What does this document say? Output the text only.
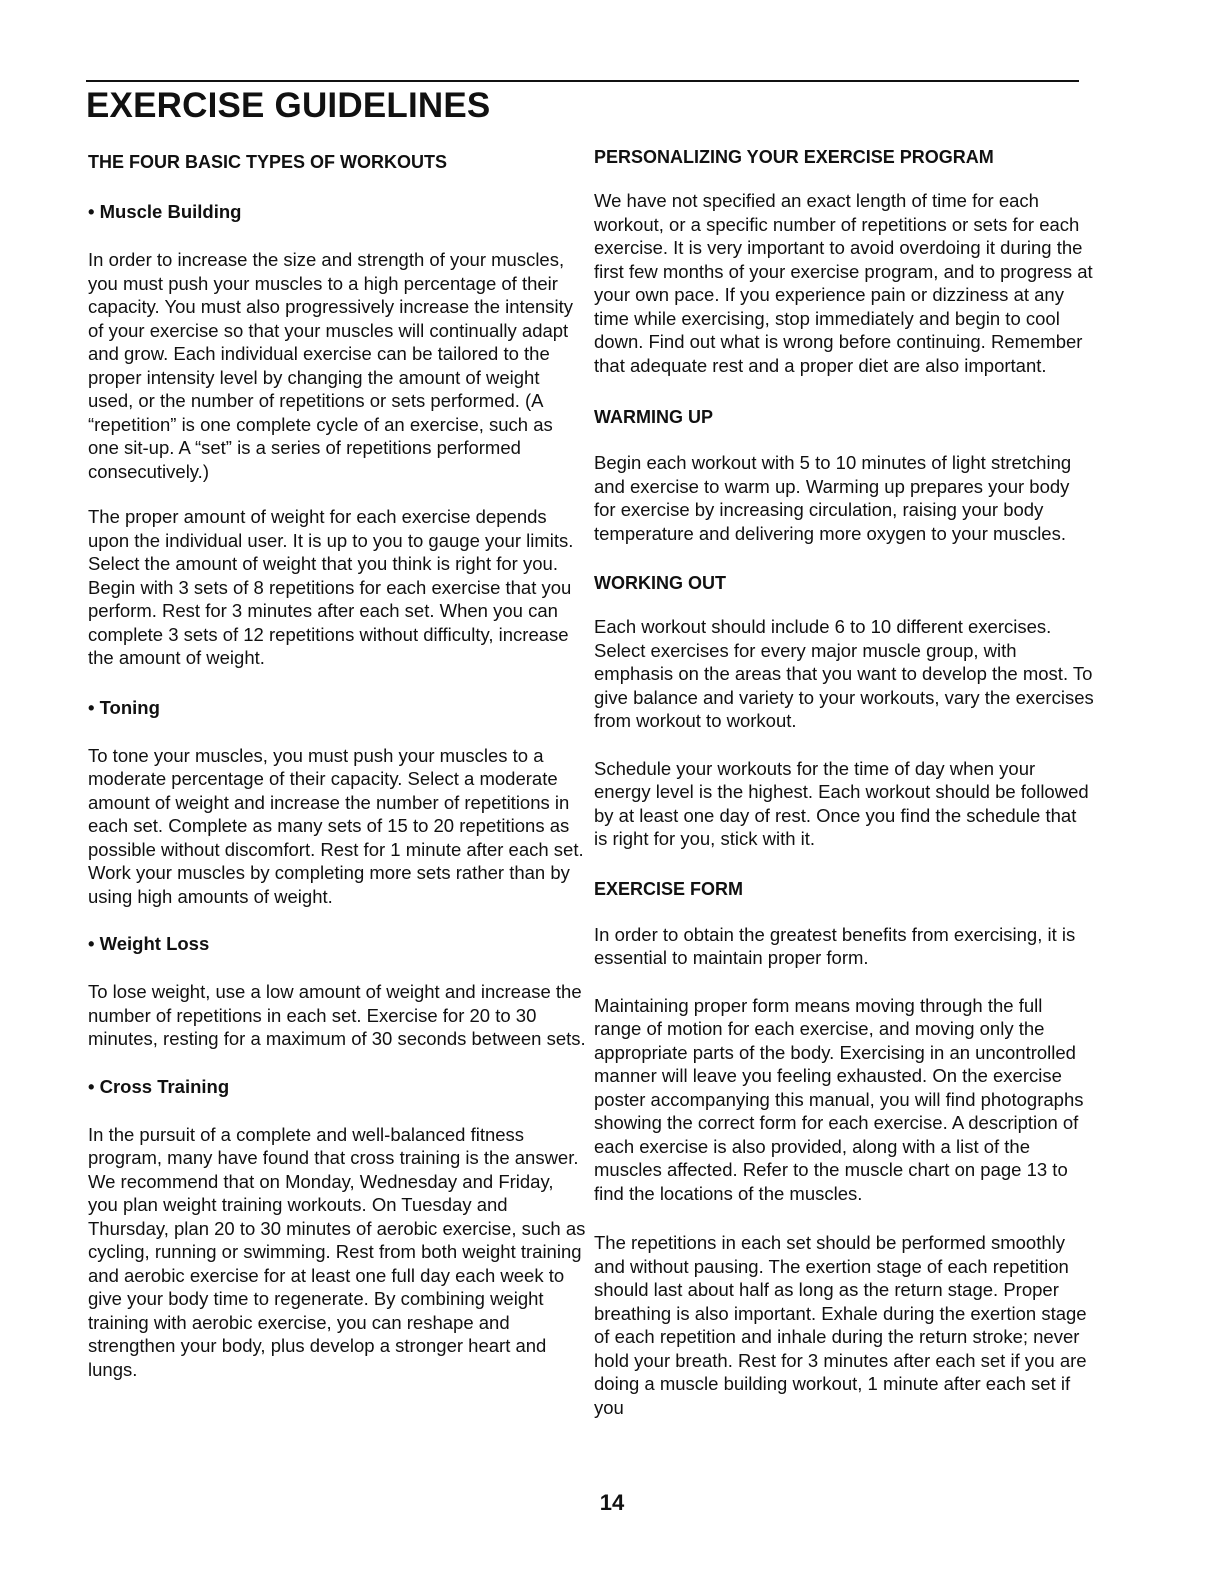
EXERCISE GUIDELINES
THE FOUR BASIC TYPES OF WORKOUTS
• Muscle Building

In order to increase the size and strength of your muscles, you must push your muscles to a high percentage of their capacity. You must also progressively increase the intensity of your exercise so that your muscles will continually adapt and grow. Each individual exercise can be tailored to the proper intensity level by changing the amount of weight used, or the number of repetitions or sets performed. (A “repetition” is one complete cycle of an exercise, such as one sit-up. A “set” is a series of repetitions performed consecutively.)

The proper amount of weight for each exercise depends upon the individual user. It is up to you to gauge your limits. Select the amount of weight that you think is right for you. Begin with 3 sets of 8 repetitions for each exercise that you perform. Rest for 3 minutes after each set. When you can complete 3 sets of 12 repetitions without difficulty, increase the amount of weight.

• Toning

To tone your muscles, you must push your muscles to a moderate percentage of their capacity. Select a moderate amount of weight and increase the number of repetitions in each set. Complete as many sets of 15 to 20 repetitions as possible without discomfort. Rest for 1 minute after each set. Work your muscles by completing more sets rather than by using high amounts of weight.

• Weight Loss

To lose weight, use a low amount of weight and increase the number of repetitions in each set. Exercise for 20 to 30 minutes, resting for a maximum of 30 seconds between sets.

• Cross Training

In the pursuit of a complete and well-balanced fitness program, many have found that cross training is the answer. We recommend that on Monday, Wednesday and Friday, you plan weight training workouts. On Tuesday and Thursday, plan 20 to 30 minutes of aerobic exercise, such as cycling, running or swimming. Rest from both weight training and aerobic exercise for at least one full day each week to give your body time to regenerate. By combining weight training with aerobic exercise, you can reshape and strengthen your body, plus develop a stronger heart and lungs.

PERSONALIZING YOUR EXERCISE PROGRAM

We have not specified an exact length of time for each workout, or a specific number of repetitions or sets for each exercise. It is very important to avoid overdoing it during the first few months of your exercise program, and to progress at your own pace. If you experience pain or dizziness at any time while exercising, stop immediately and begin to cool down. Find out what is wrong before continuing. Remember that adequate rest and a proper diet are also important.

WARMING UP

Begin each workout with 5 to 10 minutes of light stretching and exercise to warm up. Warming up prepares your body for exercise by increasing circulation, raising your body temperature and delivering more oxygen to your muscles.

WORKING OUT

Each workout should include 6 to 10 different exercises. Select exercises for every major muscle group, with emphasis on the areas that you want to develop the most. To give balance and variety to your workouts, vary the exercises from workout to workout.

Schedule your workouts for the time of day when your energy level is the highest. Each workout should be followed by at least one day of rest. Once you find the schedule that is right for you, stick with it.

EXERCISE FORM

In order to obtain the greatest benefits from exercising, it is essential to maintain proper form.

Maintaining proper form means moving through the full range of motion for each exercise, and moving only the appropriate parts of the body. Exercising in an uncontrolled manner will leave you feeling exhausted. On the exercise poster accompanying this manual, you will find photographs showing the correct form for each exercise. A description of each exercise is also provided, along with a list of the muscles affected. Refer to the muscle chart on page 13 to find the locations of the muscles.

The repetitions in each set should be performed smoothly and without pausing. The exertion stage of each repetition should last about half as long as the return stage. Proper breathing is also important. Exhale during the exertion stage of each repetition and inhale during the return stroke; never hold your breath. Rest for 3 minutes after each set if you are doing a muscle building workout, 1 minute after each set if you

14
